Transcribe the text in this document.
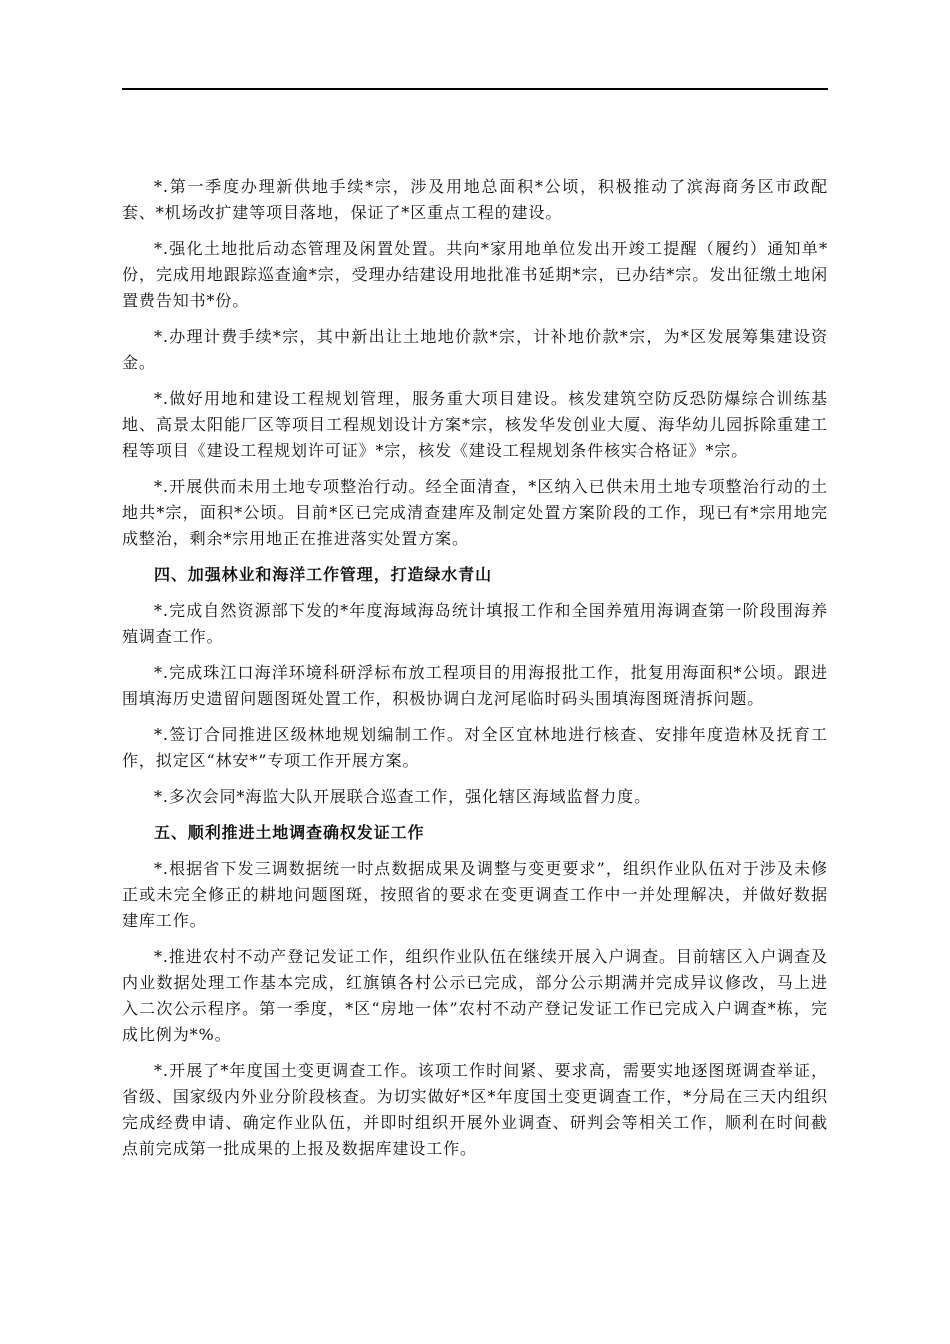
*.第一季度办理新供地手续*宗，涉及用地总面积*公顷，积极推动了滨海商务区市政配套、*机场改扩建等项目落地，保证了*区重点工程的建设。

*.强化土地批后动态管理及闲置处置。共向*家用地单位发出开竣工提醒（履约）通知单*份，完成用地跟踪巡查逾*宗，受理办结建设用地批准书延期*宗，已办结*宗。发出征缴土地闲置费告知书*份。

*.办理计费手续*宗，其中新出让土地地价款*宗，计补地价款*宗，为*区发展筹集建设资金。

*.做好用地和建设工程规划管理，服务重大项目建设。核发建筑空防反恐防爆综合训练基地、高景太阳能厂区等项目工程规划设计方案*宗，核发华发创业大厦、海华幼儿园拆除重建工程等项目《建设工程规划许可证》*宗，核发《建设工程规划条件核实合格证》*宗。

*.开展供而未用土地专项整治行动。经全面清查，*区纳入已供未用土地专项整治行动的土地共*宗，面积*公顷。目前*区已完成清查建库及制定处置方案阶段的工作，现已有*宗用地完成整治，剩余*宗用地正在推进落实处置方案。

四、加强林业和海洋工作管理，打造绿水青山

*.完成自然资源部下发的*年度海域海岛统计填报工作和全国养殖用海调查第一阶段围海养殖调查工作。

*.完成珠江口海洋环境科研浮标布放工程项目的用海报批工作，批复用海面积*公顷。跟进围填海历史遗留问题图斑处置工作，积极协调白龙河尾临时码头围填海图斑清拆问题。

*.签订合同推进区级林地规划编制工作。对全区宜林地进行核查、安排年度造林及抚育工作，拟定区“林安*”专项工作开展方案。

*.多次会同*海监大队开展联合巡查工作，强化辖区海域监督力度。

五、顺利推进土地调查确权发证工作

*.根据省下发三调数据统一时点数据成果及调整与变更要求”，组织作业队伍对于涉及未修正或未完全修正的耕地问题图斑，按照省的要求在变更调查工作中一并处理解决，并做好数据建库工作。

*.推进农村不动产登记发证工作，组织作业队伍在继续开展入户调查。目前辖区入户调查及内业数据处理工作基本完成，红旗镇各村公示已完成，部分公示期满并完成异议修改，马上进入二次公示程序。第一季度，*区“房地一体”农村不动产登记发证工作已完成入户调查*栋，完成比例为*%。

*.开展了*年度国土变更调查工作。该项工作时间紧、要求高，需要实地逐图斑调查举证，省级、国家级内外业分阶段核查。为切实做好*区*年度国土变更调查工作，*分局在三天内组织完成经费申请、确定作业队伍，并即时组织开展外业调查、研判会等相关工作，顺利在时间截点前完成第一批成果的上报及数据库建设工作。
